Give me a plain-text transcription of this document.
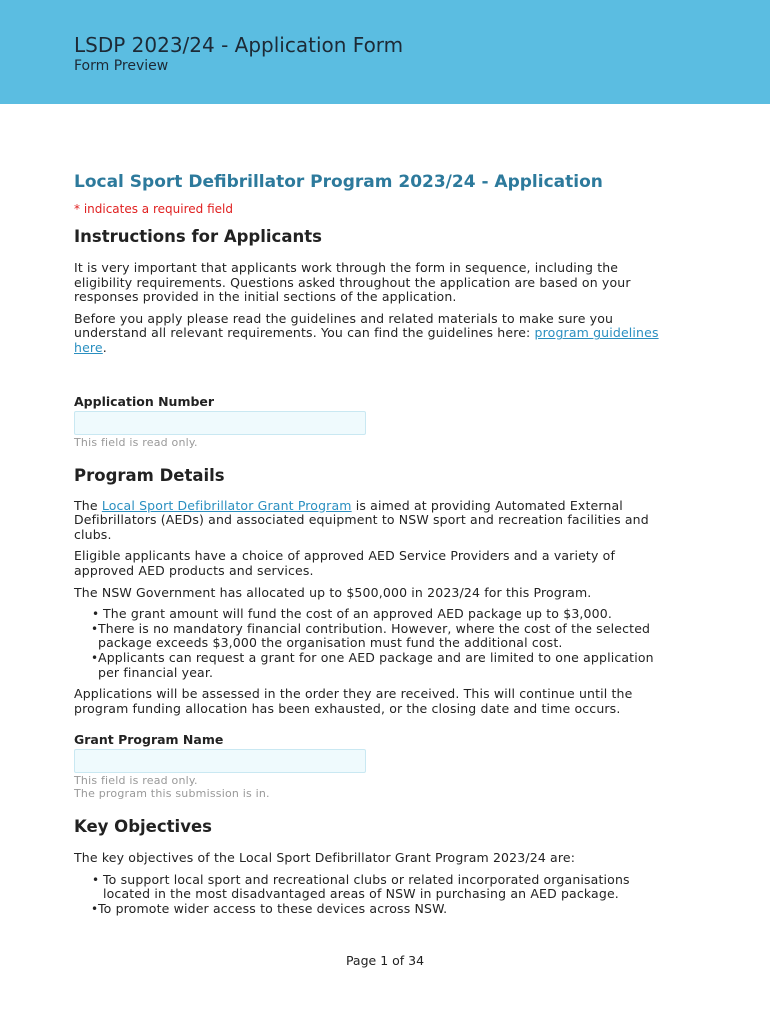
LSDP 2023/24 - Application Form
Form Preview
Local Sport Defibrillator Program 2023/24 - Application
* indicates a required field
Instructions for Applicants

It is very important that applicants work through the form in sequence, including the eligibility requirements. Questions asked throughout the application are based on your responses provided in the initial sections of the application.

Before you apply please read the guidelines and related materials to make sure you understand all relevant requirements. You can find the guidelines here: program guidelines here.

Application Number
This field is read only.
Program Details

The Local Sport Defibrillator Grant Program is aimed at providing Automated External Defibrillators (AEDs) and associated equipment to NSW sport and recreation facilities and clubs.

Eligible applicants have a choice of approved AED Service Providers and a variety of approved AED products and services.

The NSW Government has allocated up to $500,000 in 2023/24 for this Program.

• The grant amount will fund the cost of an approved AED package up to $3,000.
• There is no mandatory financial contribution. However, where the cost of the selected package exceeds $3,000 the organisation must fund the additional cost.
• Applicants can request a grant for one AED package and are limited to one application per financial year.

Applications will be assessed in the order they are received. This will continue until the program funding allocation has been exhausted, or the closing date and time occurs.

Grant Program Name
This field is read only.
The program this submission is in.
Key Objectives

The key objectives of the Local Sport Defibrillator Grant Program 2023/24 are:

• To support local sport and recreational clubs or related incorporated organisations located in the most disadvantaged areas of NSW in purchasing an AED package.
• To promote wider access to these devices across NSW.
Page 1 of 34
